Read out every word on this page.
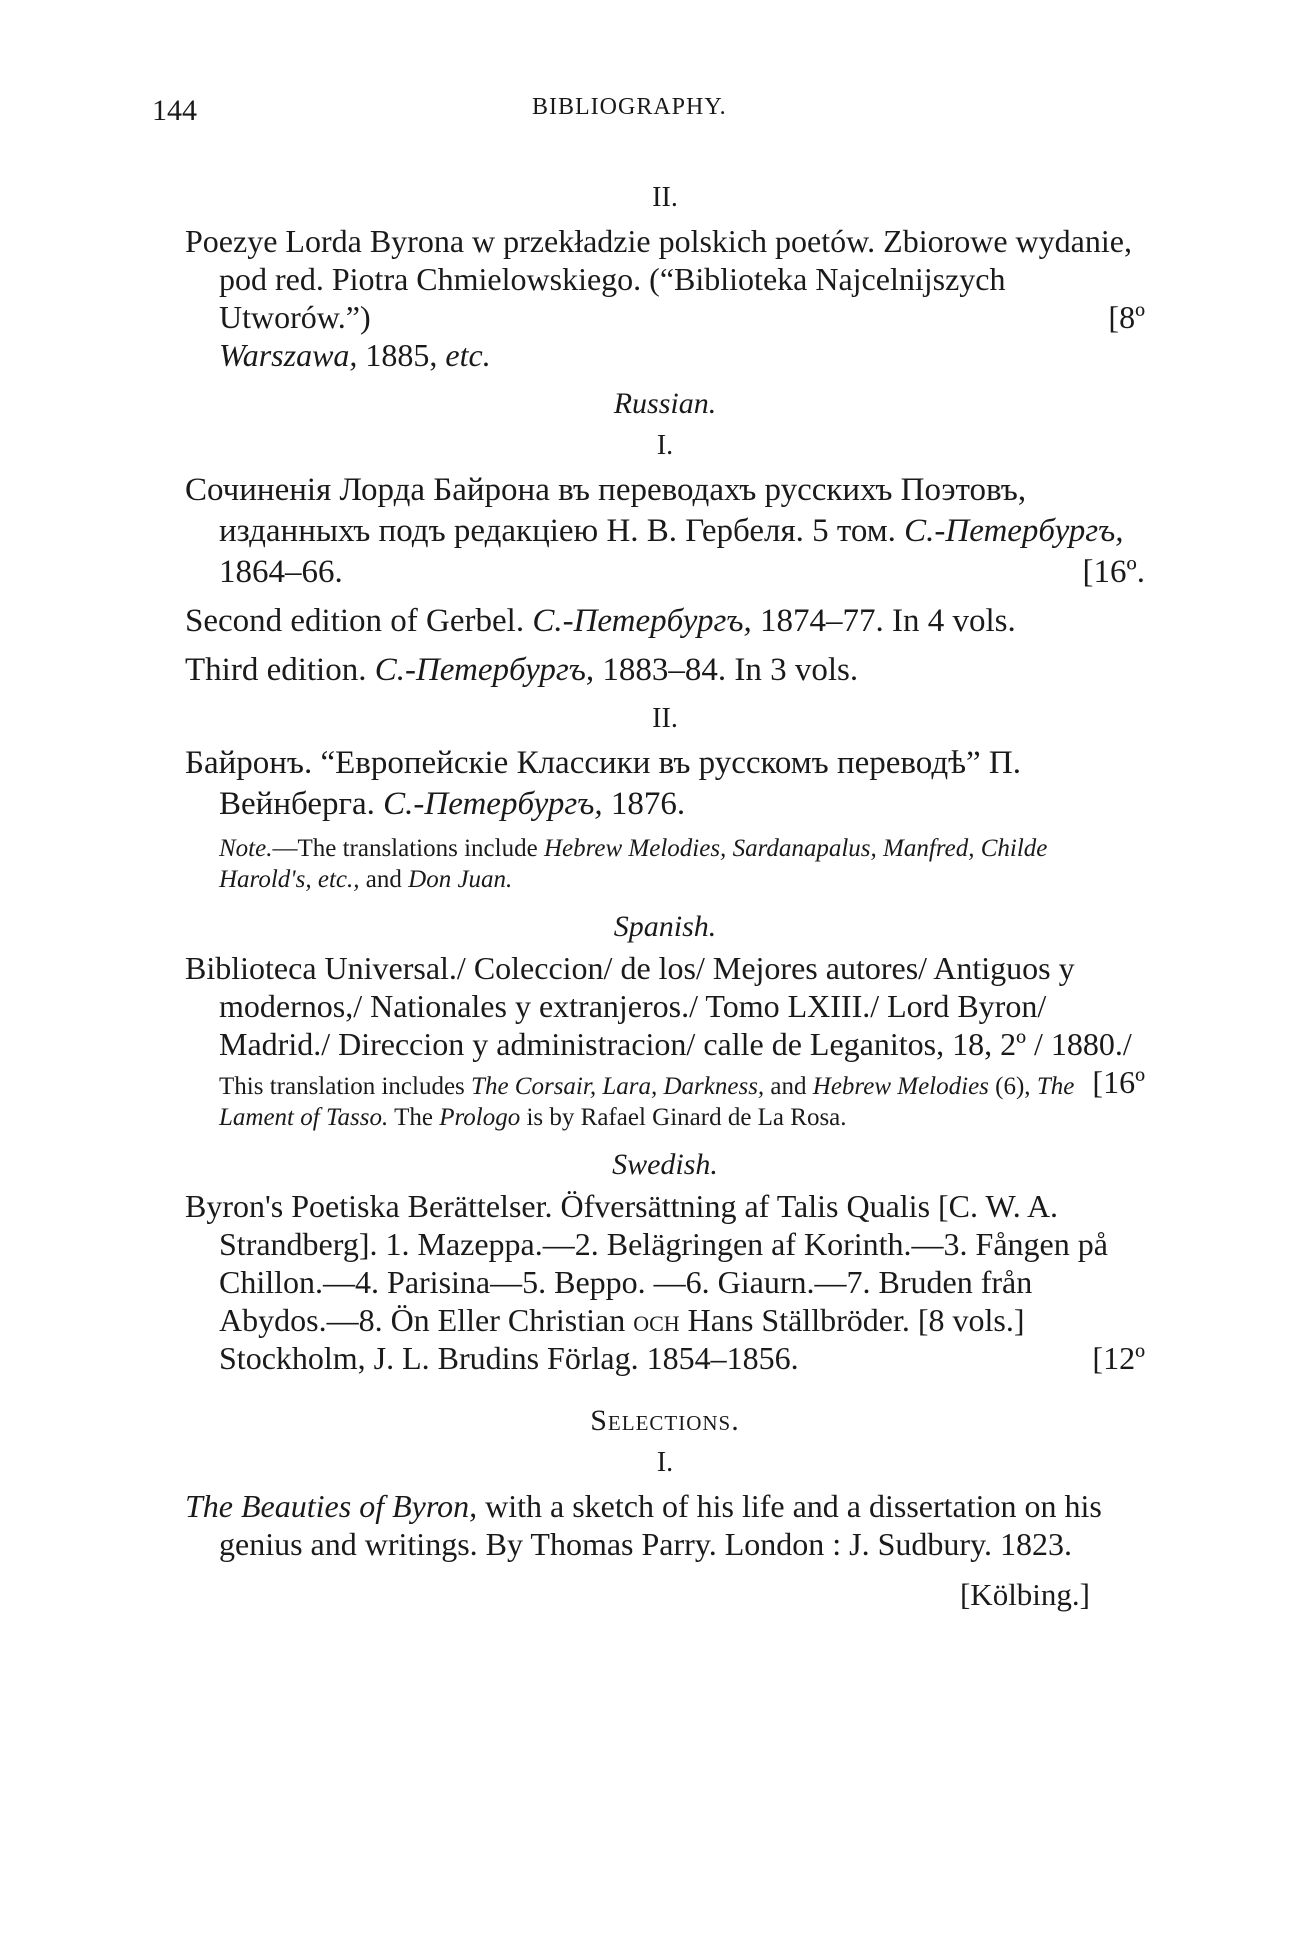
144	BIBLIOGRAPHY.
II.
Poezye Lorda Byrona w przekładzie polskich poetów. Zbiorowe wydanie, pod red. Piotra Chmielowskiego. (“Biblioteka Najcelnijszych Utworów.”)	[8º

Warszawa, 1885, etc.
Russian.
I.
Сочиненія Лорда Байрона въ переводахъ русскихъ Поэтовъ, изданныхъ подъ редакціею Н. В. Гербеля. 5 том. С.-Петербургъ, 1864–66.	[16º.
Second edition of Gerbel. С.-Петербургъ, 1874–77. In 4 vols.
Third edition. С.-Петербургъ, 1883–84. In 3 vols.
II.
Байронъ. “Европейскіе Классики въ русскомъ переводѣ” П. Вейнберга. С.-Петербургъ, 1876.
Note.—The translations include Hebrew Melodies, Sardanapalus, Manfred, Childe Harold's, etc., and Don Juan.
Spanish.
Biblioteca Universal./ Coleccion/ de los/ Mejores autores/ Antiguos y modernos,/ Nationales y extranjeros./ Tomo LXIII./ Lord Byron/ Madrid./ Direccion y administracion/ calle de Leganitos, 18, 2º / 1880./
[16º
This translation includes The Corsair, Lara, Darkness, and Hebrew Melodies (6), The Lament of Tasso. The Prologo is by Rafael Ginard de La Rosa.
Swedish.
Byron's Poetiska Berättelser. Öfversättning af Talis Qualis [C. W. A. Strandberg]. 1. Mazeppa.—2. Belägringen af Korinth.—3. Fången på Chillon.—4. Parisina—5. Beppo. —6. Giaurn.—7. Bruden från Abydos.—8. Ön Eller Christian och Hans Ställbröder. [8 vols.] Stockholm, J. L. Brudins Förlag. 1854–1856.	[12º
Selections.
I.
The Beauties of Byron, with a sketch of his life and a dissertation on his genius and writings. By Thomas Parry. London : J. Sudbury. 1823.
[Kölbing.]
